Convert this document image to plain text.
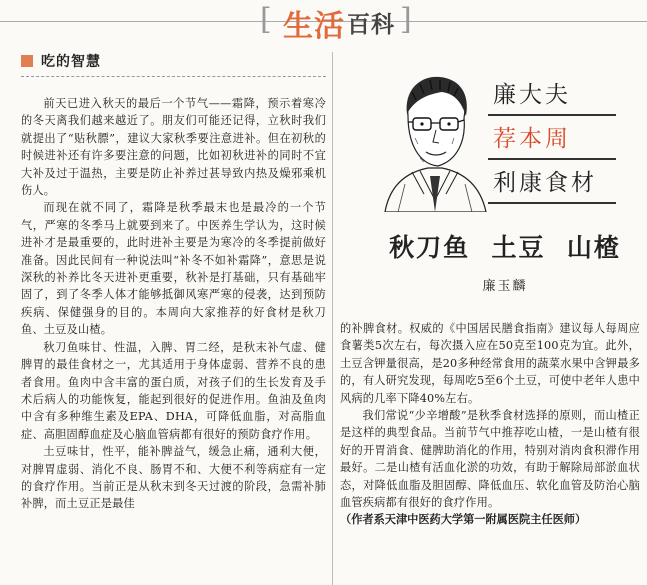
[ 生活 百科 ]
吃的智慧

前天已进入秋天的最后一个节气——霜降，预示着寒冷的冬天离我们越来越近了。朋友们可能还记得，立秋时我们就提出了“贴秋膘”，建议大家秋季要注意进补。但在初秋的时候进补还有许多要注意的问题，比如初秋进补的同时不宜大补及过于温热，主要是防止补养过甚导致内热及燥邪乘机伤人。

而现在就不同了，霜降是秋季最末也是最冷的一个节气，严寒的冬季马上就要到来了。中医养生学认为，这时候进补才是最重要的，此时进补主要是为寒冷的冬季提前做好准备。因此民间有一种说法叫“补冬不如补霜降”，意思是说深秋的补养比冬天进补更重要，秋补是打基础，只有基础牢固了，到了冬季人体才能够抵御风寒严寒的侵袭，达到预防疾病、保健强身的目的。本周向大家推荐的好食材是秋刀鱼、土豆及山楂。

秋刀鱼味甘、性温，入脾、胃二经，是秋末补气虚、健脾胃的最佳食材之一，尤其适用于身体虚弱、营养不良的患者食用。鱼肉中含丰富的蛋白质，对孩子们的生长发育及手术后病人的功能恢复，能起到很好的促进作用。鱼油及鱼肉中含有多种维生素及EPA、DHA，可降低血脂，对高脂血症、高胆固醇血症及心脑血管病都有很好的预防食疗作用。

土豆味甘，性平，能补脾益气，缓急止痛，通利大便，对脾胃虚弱、消化不良、肠胃不和、大便不利等病症有一定的食疗作用。当前正是从秋末到冬天过渡的阶段，急需补肺补脾，而土豆正是最佳

廉大夫
荐本周
利康食材
秋刀鱼  土豆  山楂
廉玉麟

的补脾食材。权威的《中国居民膳食指南》建议每人每周应食薯类5次左右，每次摄入应在50克至100克为宜。此外，土豆含钾量很高，是20多种经常食用的蔬菜水果中含钾最多的，有人研究发现，每周吃5至6个土豆，可使中老年人患中风病的几率下降40%左右。

我们常说“少辛增酸”是秋季食材选择的原则，而山楂正是这样的典型食品。当前节气中推荐吃山楂，一是山楂有很好的开胃消食、健脾助消化的作用，特别对消肉食积滞作用最好。二是山楂有活血化淤的功效，有助于解除局部淤血状态，对降低血脂及胆固醇、降低血压、软化血管及防治心脑血管疾病都有很好的食疗作用。

（作者系天津中医药大学第一附属医院主任医师）
